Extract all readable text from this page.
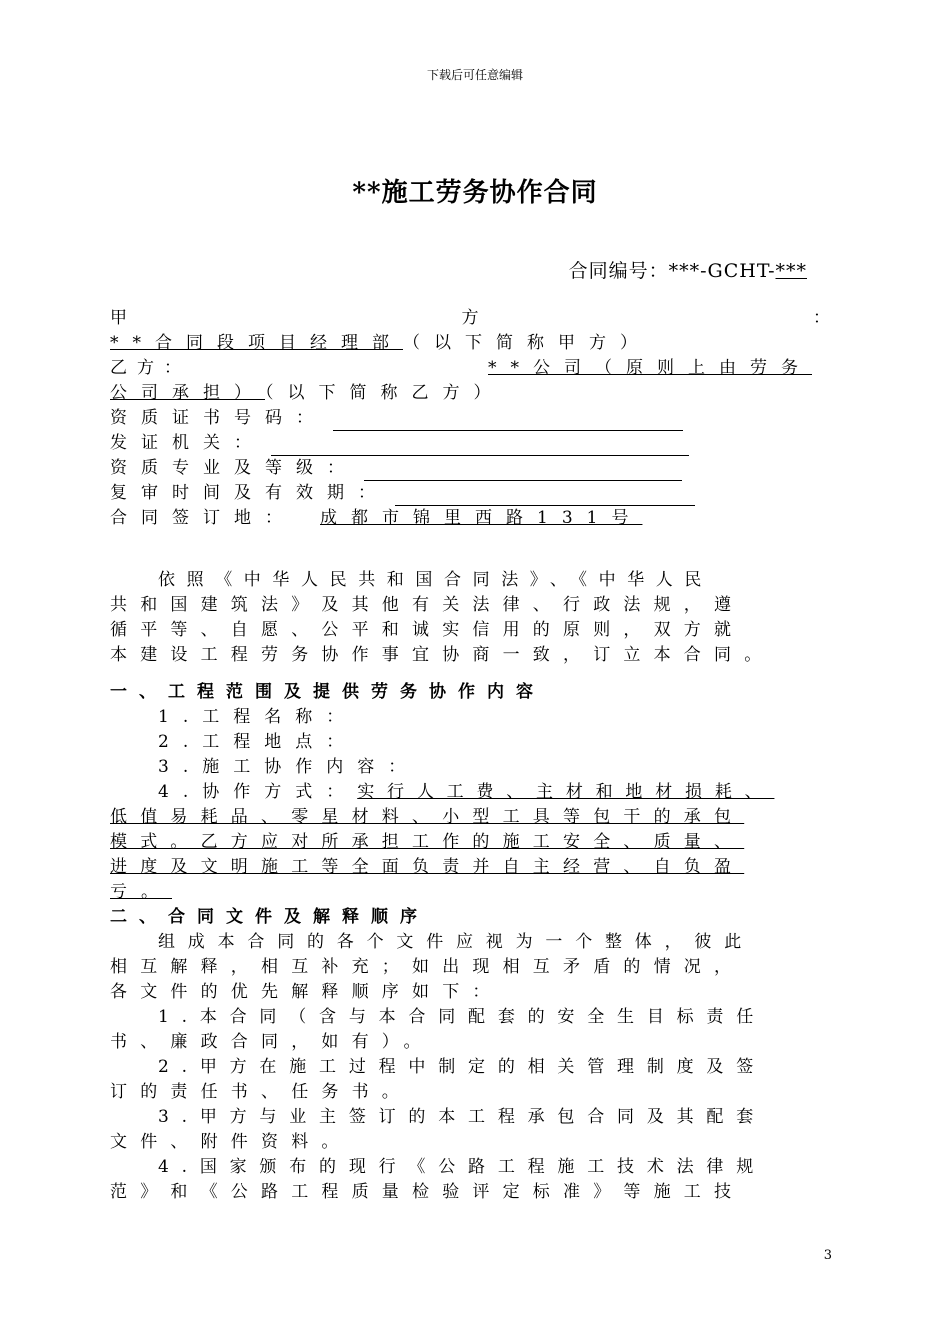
下载后可任意编辑
**施工劳务协作合同
合同编号：***-GCHT-***
甲	方	：
**合同段项目经理部（以下简称甲方）
乙方：	**公司（原则上由劳务
公司承担）（以下简称乙方）
资质证书号码：
发证机关：
资质专业及等级：
复审时间及有效期：
合同签订地： 成都市锦里西路131号
依照《中华人民共和国合同法》、《中华人民
共和国建筑法》及其他有关法律、行政法规，遵
循平等、自愿、公平和诚实信用的原则，双方就
本建设工程劳务协作事宜协商一致，订立本合同。
一、工程范围及提供劳务协作内容
1.工程名称：
2.工程地点：
3.施工协作内容：
4.协作方式：实行人工费、主材和地材损耗、
低值易耗品、零星材料、小型工具等包干的承包
模式。乙方应对所承担工作的施工安全、质量、
进度及文明施工等全面负责并自主经营、自负盈
亏。
二、合同文件及解释顺序
组成本合同的各个文件应视为一个整体，彼此
相互解释，相互补充；如出现相互矛盾的情况，
各文件的优先解释顺序如下：
1.本合同（含与本合同配套的安全生目标责任
书、廉政合同，如有）。
2.甲方在施工过程中制定的相关管理制度及签
订的责任书、任务书。
3.甲方与业主签订的本工程承包合同及其配套
文件、附件资料。
4.国家颁布的现行《公路工程施工技术法律规
范》和《公路工程质量检验评定标准》等施工技
3
